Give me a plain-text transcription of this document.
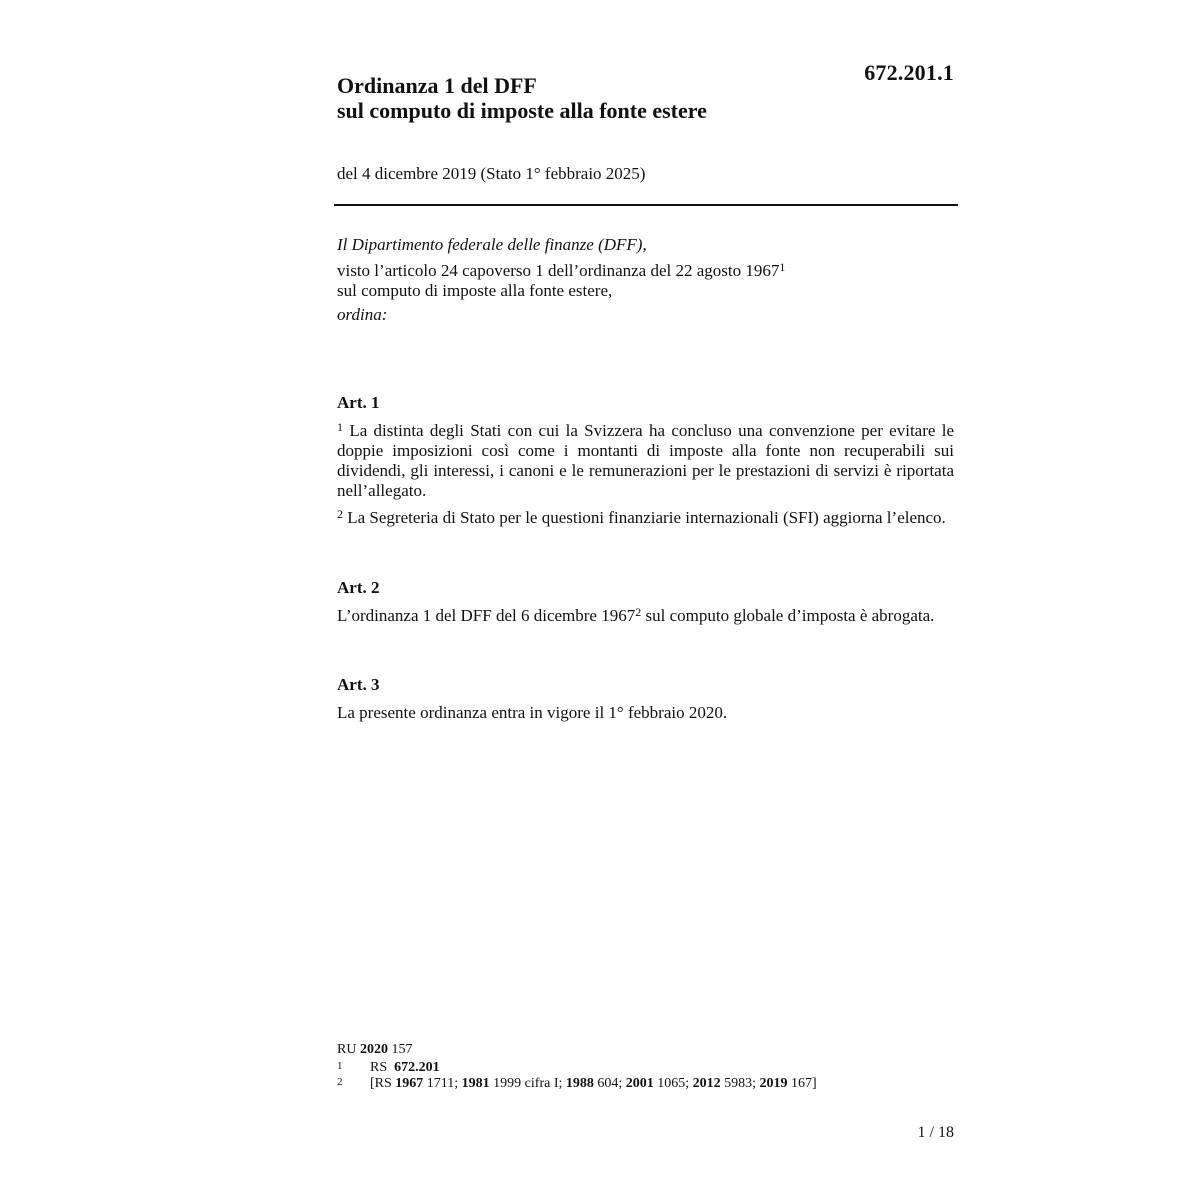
672.201.1
Ordinanza 1 del DFF
sul computo di imposte alla fonte estere
del 4 dicembre 2019 (Stato 1° febbraio 2025)
Il Dipartimento federale delle finanze (DFF),
visto l’articolo 24 capoverso 1 dell’ordinanza del 22 agosto 1967$^1$
sul computo di imposte alla fonte estere,
ordina:
Art. 1

$^1$ La distinta degli Stati con cui la Svizzera ha concluso una convenzione per evitare le doppie imposizioni così come i montanti di imposte alla fonte non recuperabili sui dividendi, gli interessi, i canoni e le remunerazioni per le prestazioni di servizi è riportata nell’allegato.

$^2$ La Segreteria di Stato per le questioni finanziarie internazionali (SFI) aggiorna l’elenco.

Art. 2

L’ordinanza 1 del DFF del 6 dicembre 1967$^2$ sul computo globale d’imposta è abrogata.

Art. 3

La presente ordinanza entra in vigore il 1° febbraio 2020.

RU 2020 157
1 RS  672.201
2 [RS 1967 1711; 1981 1999 cifra I; 1988 604; 2001 1065; 2012 5983; 2019 167]
1 / 18
